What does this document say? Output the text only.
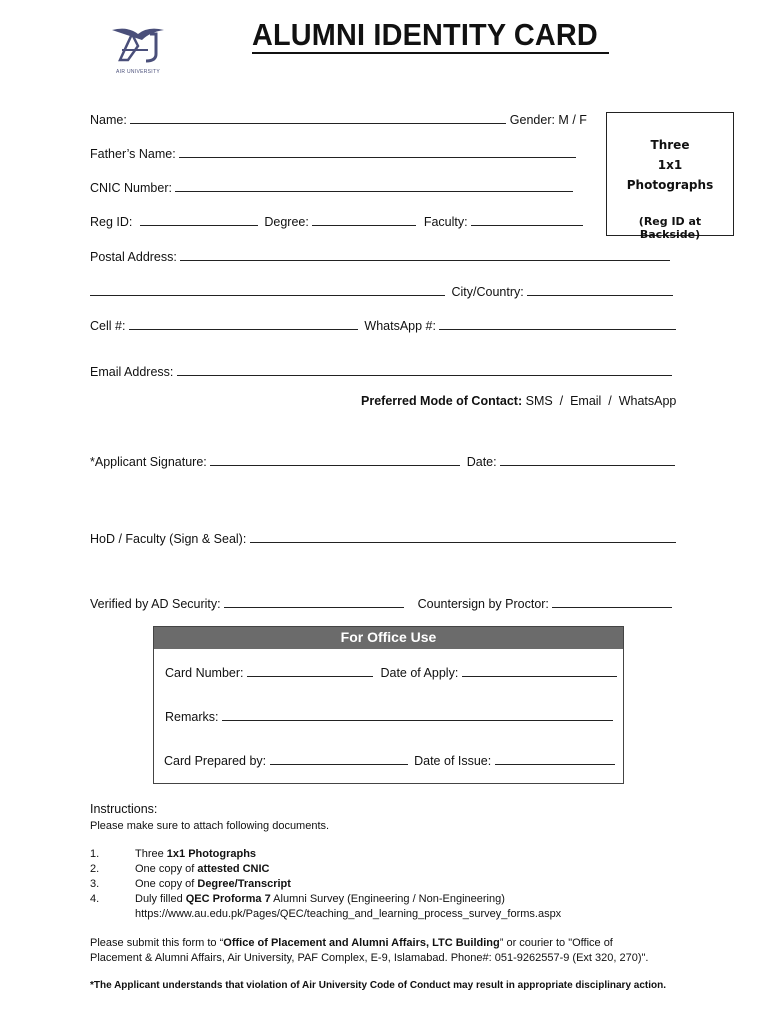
AIR UNIVERSITY
ALUMNI IDENTITY CARD
Three
1x1
Photographs
(Reg ID at Backside)
Name:	Gender: M / F
Father’s Name:
CNIC Number:
Reg ID:	Degree:	Faculty:
Postal Address:
City/Country:
Cell #:	WhatsApp #:
Email Address:
Preferred Mode of Contact: SMS  /  Email  /  WhatsApp
*Applicant Signature:	Date:
HoD / Faculty (Sign & Seal):
Verified by AD Security:	Countersign by Proctor:
For Office Use
Card Number:	Date of Apply:
Remarks:
Card Prepared by:	Date of Issue:
Instructions:
Please make sure to attach following documents.
1.	Three 1x1 Photographs
2.	One copy of attested CNIC
3.	One copy of Degree/Transcript
4.	Duly filled QEC Proforma 7 Alumni Survey (Engineering / Non-Engineering)
https://www.au.edu.pk/Pages/QEC/teaching_and_learning_process_survey_forms.aspx
Please submit this form to “Office of Placement and Alumni Affairs, LTC Building” or courier to "Office of
Placement & Alumni Affairs, Air University, PAF Complex, E-9, Islamabad. Phone#: 051-9262557-9 (Ext 320, 270)".
*The Applicant understands that violation of Air University Code of Conduct may result in appropriate disciplinary action.
